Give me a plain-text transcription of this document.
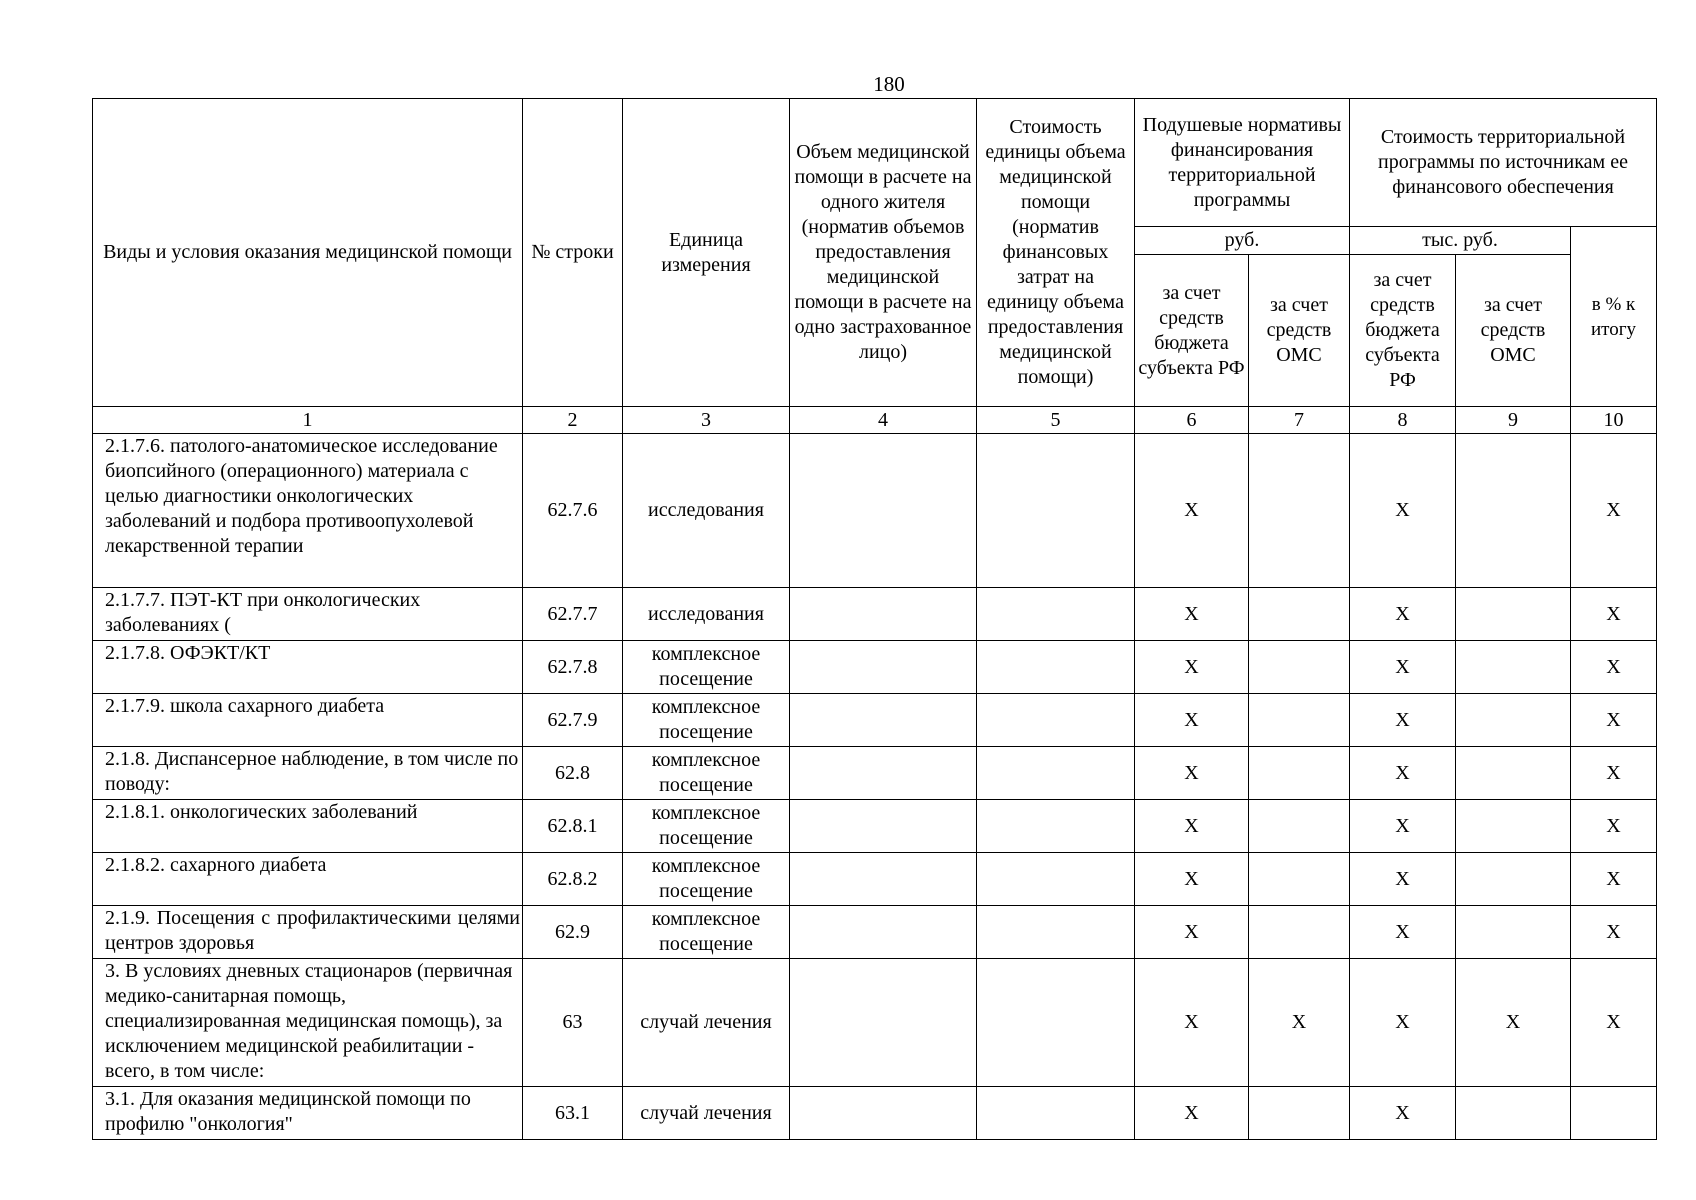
180
Виды и условия оказания медицинской помощи	№ строки	Единица измерения	Объем медицинской помощи в расчете на одного жителя (норматив объемов предоставления медицинской помощи в расчете на одно застрахованное лицо)	Стоимость единицы объема медицинской помощи (норматив финансовых затрат на единицу объема предоставления медицинской помощи)	Подушевые нормативы финансирования территориальной программы		Стоимость территориальной программы по источникам ее финансового обеспечения		
					руб.		тыс. руб.		в % к итогу
					за счет средств бюджета субъекта РФ	за счет средств ОМС	за счет средств бюджета субъекта РФ	за счет средств ОМС	
1	2	3	4	5	6	7	8	9	10
2.1.7.6. патолого-анатомическое исследование биопсийного (операционного) материала с целью диагностики онкологических заболеваний и подбора противоопухолевой лекарственной терапии	62.7.6	исследования			X		X		X
2.1.7.7. ПЭТ-КТ при онкологических заболеваниях (	62.7.7	исследования			X		X		X
2.1.7.8. ОФЭКТ/КТ	62.7.8	комплексное посещение			X		X		X
2.1.7.9. школа сахарного диабета	62.7.9	комплексное посещение			X		X		X
2.1.8. Диспансерное наблюдение, в том числе по поводу:	62.8	комплексное посещение			X		X		X
2.1.8.1. онкологических заболеваний	62.8.1	комплексное посещение			X		X		X
2.1.8.2. сахарного диабета	62.8.2	комплексное посещение			X		X		X
2.1.9. Посещения с профилактическими целями центров здоровья	62.9	комплексное посещение			X		X		X
3. В условиях дневных стационаров (первичная медико-санитарная помощь, специализированная медицинская помощь), за исключением медицинской реабилитации - всего, в том числе:	63	случай лечения			X	X	X	X	X
3.1. Для оказания медицинской помощи по профилю "онкология"	63.1	случай лечения			X		X		
